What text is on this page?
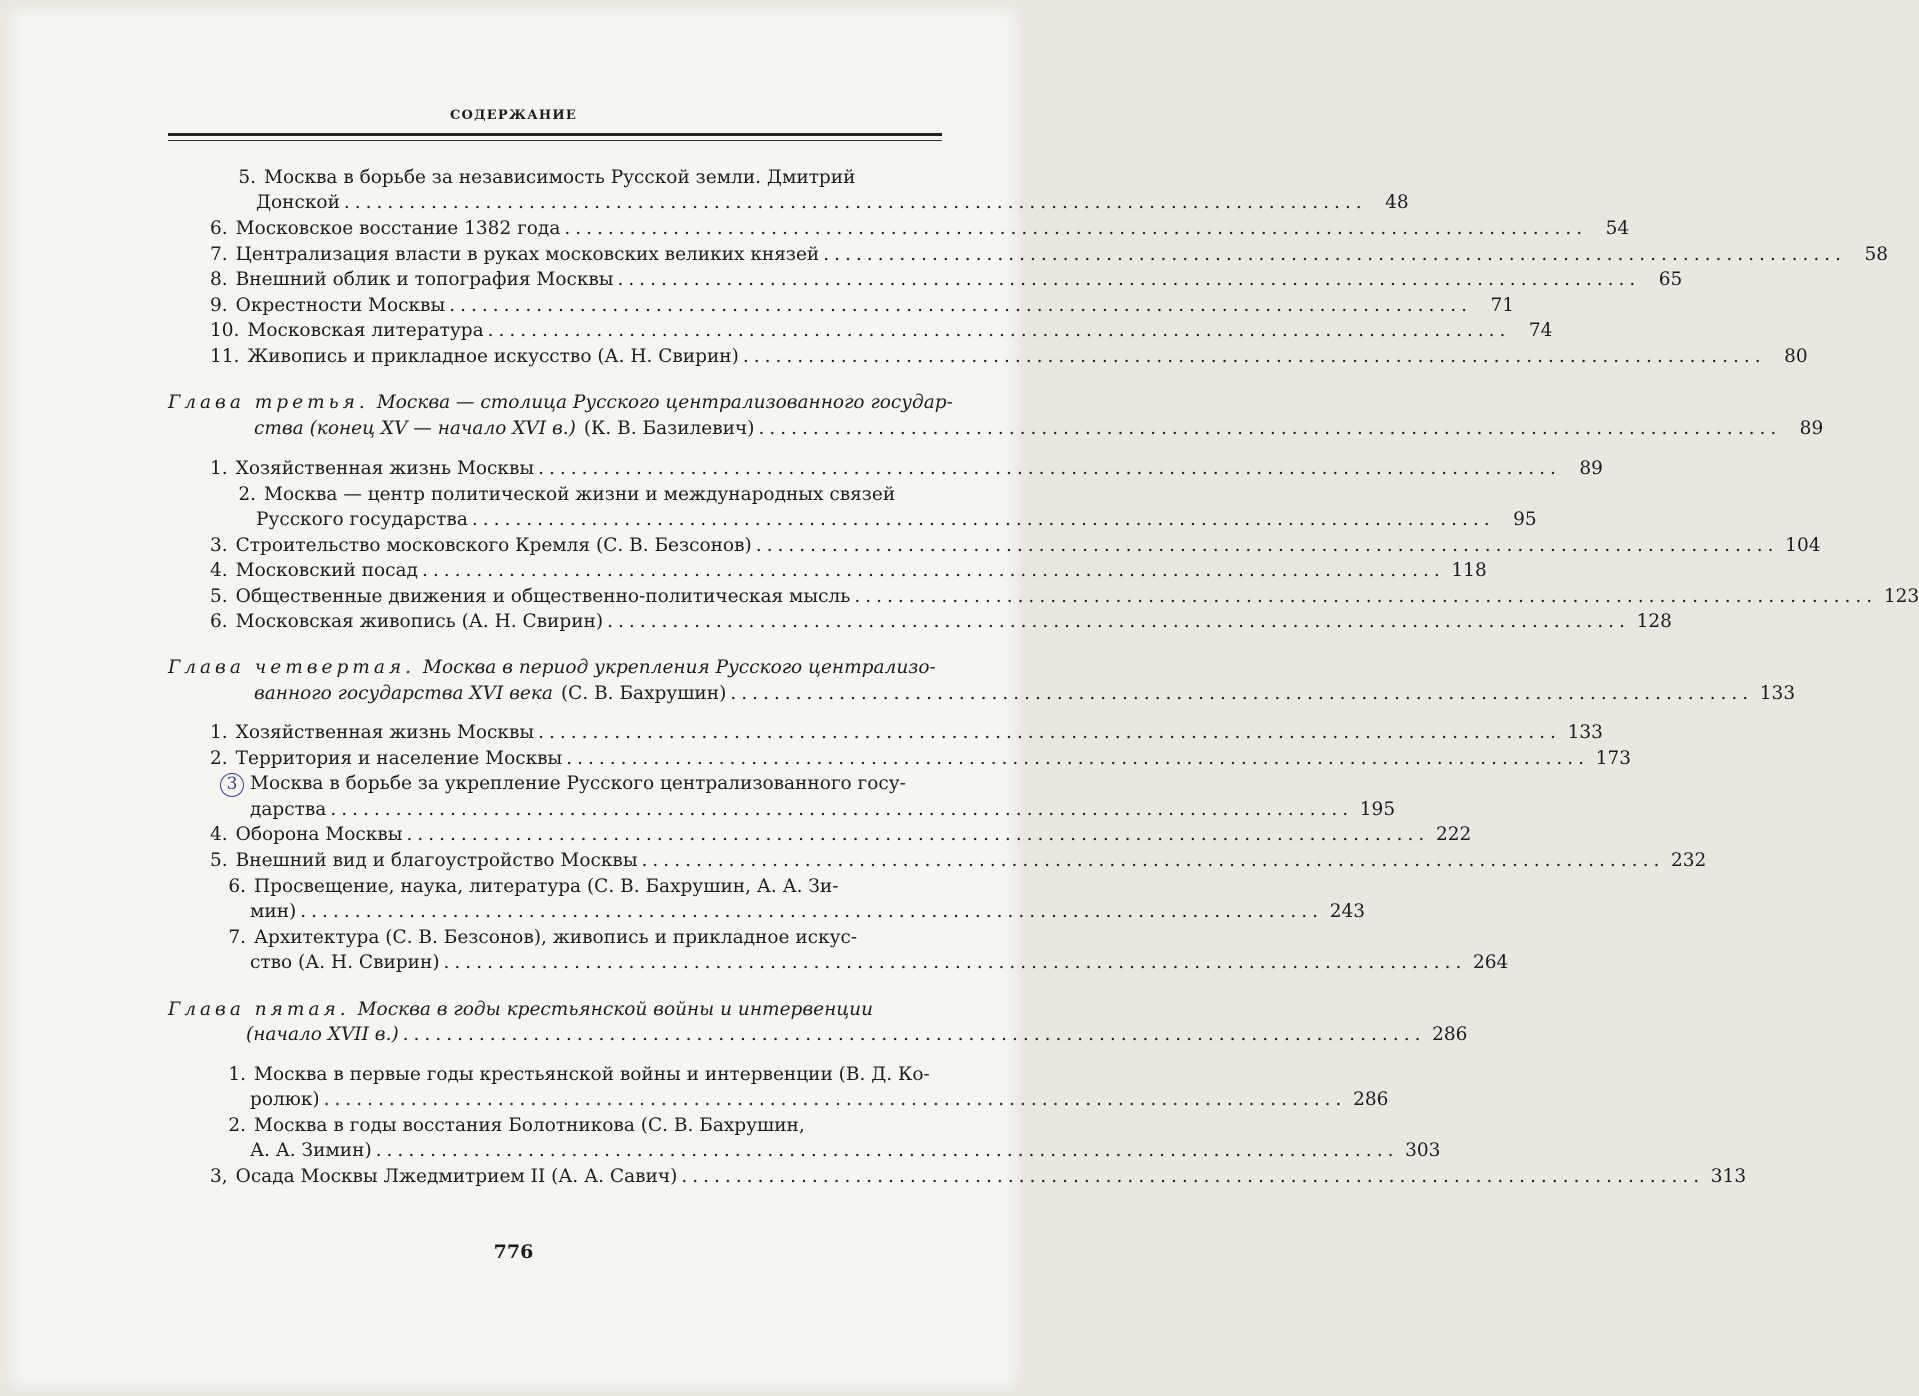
СОДЕРЖАНИЕ
5. Москва в борьбе за независимость Русской земли. Дмитрий
Донской .............................................................................................. 48
6. Московское восстание 1382 года .............................................................................................. 54
7. Централизация власти в руках московских великих князей .............................................................................................. 58
8. Внешний облик и топография Москвы .............................................................................................. 65
9. Окрестности Москвы .............................................................................................. 71
10. Московская литература .............................................................................................. 74
11. Живопись и прикладное искусство (А. Н. Свирин) .............................................................................................. 80
Глава третья. Москва — столица Русского централизованного государ-
ства (конец XV — начало XVI в.) (К. В. Базилевич) .............................................................................................. 89
1. Хозяйственная жизнь Москвы .............................................................................................. 89
2. Москва — центр политической жизни и международных связей
Русского государства .............................................................................................. 95
3. Строительство московского Кремля (С. В. Безсонов) .............................................................................................. 104
4. Московский посад .............................................................................................. 118
5. Общественные движения и общественно-политическая мысль .............................................................................................. 123
6. Московская живопись (А. Н. Свирин) .............................................................................................. 128
Глава четвертая. Москва в период укрепления Русского централизо-
ванного государства XVI века (С. В. Бахрушин) .............................................................................................. 133
1. Хозяйственная жизнь Москвы .............................................................................................. 133
2. Территория и население Москвы .............................................................................................. 173
3 Москва в борьбе за укрепление Русского централизованного госу-
дарства .............................................................................................. 195
4. Оборона Москвы .............................................................................................. 222
5. Внешний вид и благоустройство Москвы .............................................................................................. 232
6. Просвещение, наука, литература (С. В. Бахрушин, А. А. Зи-
мин) .............................................................................................. 243
7. Архитектура (С. В. Безсонов), живопись и прикладное искус-
ство (А. Н. Свирин) .............................................................................................. 264
Глава пятая. Москва в годы крестьянской войны и интервенции
(начало XVII в.) .............................................................................................. 286
1. Москва в первые годы крестьянской войны и интервенции (В. Д. Ко-
ролюк) .............................................................................................. 286
2. Москва в годы восстания Болотникова (С. В. Бахрушин,
А. А. Зимин) .............................................................................................. 303
3, Осада Москвы Лжедмитрием II (А. А. Савич) .............................................................................................. 313
776
